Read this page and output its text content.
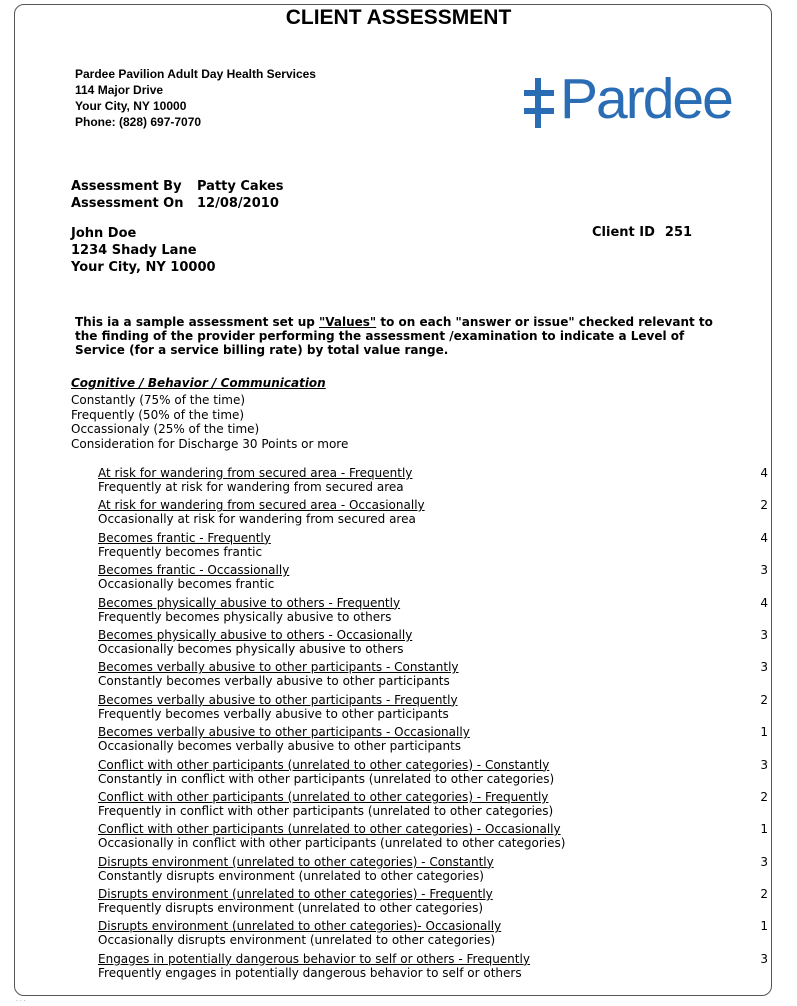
CLIENT ASSESSMENT
Pardee Pavilion Adult Day Health Services
114 Major Drive
Your City, NY 10000
Phone: (828) 697-7070	Pardee
Assessment By Patty Cakes
Assessment On 12/08/2010
John Doe
1234 Shady Lane
Your City, NY 10000
Client ID 251
This ia a sample assessment set up "Values" to on each "answer or issue" checked relevant to the finding of the provider performing the assessment /examination to indicate a Level of Service (for a service billing rate) by total value range.
Cognitive / Behavior / Communication
Constantly (75% of the time)
Frequently (50% of the time)
Occassionaly (25% of the time)
Consideration for Discharge 30 Points or more
At risk for wandering from secured area - Frequently
Frequently at risk for wandering from secured area
4
At risk for wandering from secured area - Occasionally
Occasionally at risk for wandering from secured area
2
Becomes frantic - Frequently
Frequently becomes frantic
4
Becomes frantic - Occassionally
Occasionally becomes frantic
3
Becomes physically abusive to others - Frequently
Frequently becomes physically abusive to others
4
Becomes physically abusive to others - Occasionally
Occasionally becomes physically abusive to others
3
Becomes verbally abusive to other participants - Constantly
Constantly becomes verbally abusive to other participants
3
Becomes verbally abusive to other participants - Frequently
Frequently becomes verbally abusive to other participants
2
Becomes verbally abusive to other participants - Occasionally
Occasionally becomes verbally abusive to other participants
1
Conflict with other participants (unrelated to other categories) - Constantly
Constantly in conflict with other participants (unrelated to other categories)
3
Conflict with other participants (unrelated to other categories) - Frequently
Frequently in conflict with other participants (unrelated to other categories)
2
Conflict with other participants (unrelated to other categories) - Occasionally
Occasionally in conflict with other participants (unrelated to other categories)
1
Disrupts environment (unrelated to other categories) - Constantly
Constantly disrupts environment (unrelated to other categories)
3
Disrupts environment (unrelated to other categories) - Frequently
Frequently disrupts environment (unrelated to other categories)
2
Disrupts environment (unrelated to other categories)- Occasionally
Occasionally disrupts environment (unrelated to other categories)
1
Engages in potentially dangerous behavior to self or others - Frequently
Frequently engages in potentially dangerous behavior to self or others
3
· · ·
